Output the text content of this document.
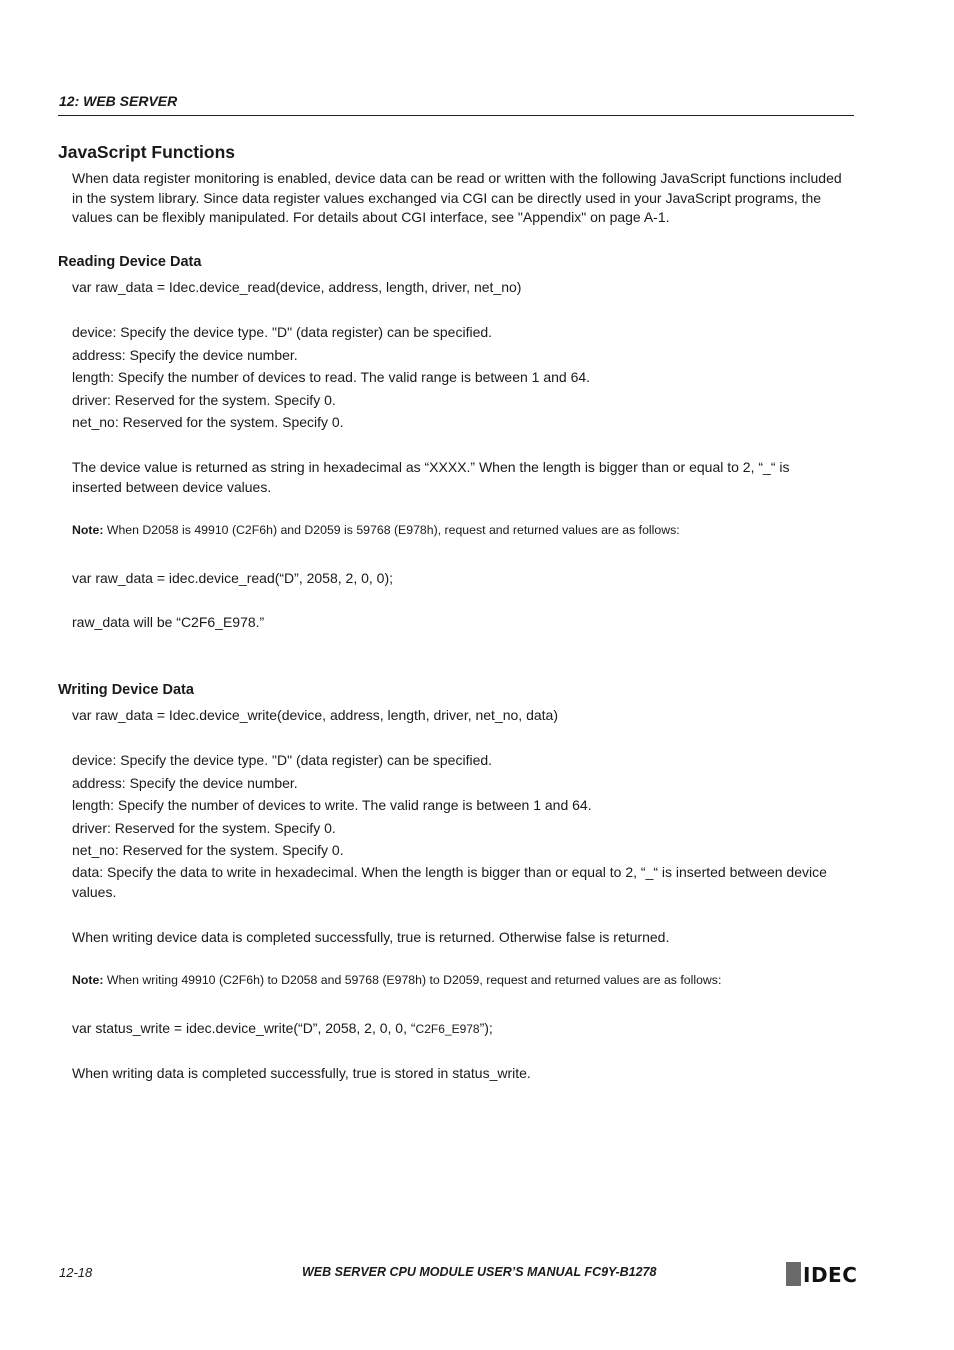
12: WEB SERVER
JavaScript Functions
When data register monitoring is enabled, device data can be read or written with the following JavaScript functions included in the system library. Since data register values exchanged via CGI can be directly used in your JavaScript programs, the values can be flexibly manipulated. For details about CGI interface, see "Appendix" on page A-1.
Reading Device Data
var raw_data = Idec.device_read(device, address, length, driver, net_no)
device: Specify the device type. "D" (data register) can be specified.
address: Specify the device number.
length: Specify the number of devices to read. The valid range is between 1 and 64.
driver: Reserved for the system. Specify 0.
net_no: Reserved for the system. Specify 0.
The device value is returned as string in hexadecimal as “XXXX.” When the length is bigger than or equal to 2, “_“ is inserted between device values.
Note: When D2058 is 49910 (C2F6h) and D2059 is 59768 (E978h), request and returned values are as follows:
var raw_data = idec.device_read(“D”, 2058, 2, 0, 0);
raw_data will be “C2F6_E978.”
Writing Device Data
var raw_data = Idec.device_write(device, address, length, driver, net_no, data)
device: Specify the device type. "D" (data register) can be specified.
address: Specify the device number.
length: Specify the number of devices to write. The valid range is between 1 and 64.
driver: Reserved for the system. Specify 0.
net_no: Reserved for the system. Specify 0.
data: Specify the data to write in hexadecimal. When the length is bigger than or equal to 2, “_“ is inserted between device values.
When writing device data is completed successfully, true is returned. Otherwise false is returned.
Note: When writing 49910 (C2F6h) to D2058 and 59768 (E978h) to D2059, request and returned values are as follows:
var status_write = idec.device_write(“D”, 2058, 2, 0, 0, “C2F6_E978”);
When writing data is completed successfully, true is stored in status_write.
12-18	WEB SERVER CPU MODULE USER’S MANUAL FC9Y-B1278	IDEC
